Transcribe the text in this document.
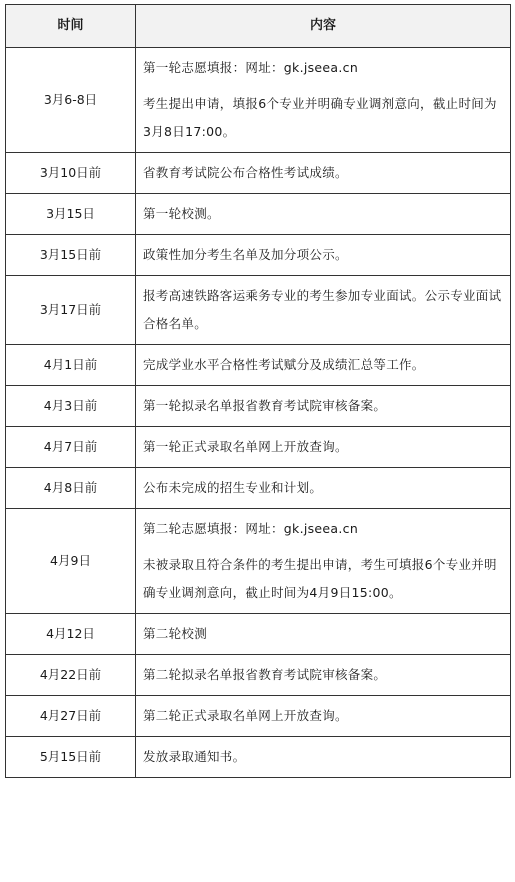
时间	内容
3月6-8日	第一轮志愿填报：网址：gk.jseea.cn

考生提出申请，填报6个专业并明确专业调剂意向，截止时间为3月8日17:00。

3月10日前	省教育考试院公布合格性考试成绩。

3月15日	第一轮校测。

3月15日前	政策性加分考生名单及加分项公示。

3月17日前	报考高速铁路客运乘务专业的考生参加专业面试。公示专业面试合格名单。

4月1日前	完成学业水平合格性考试赋分及成绩汇总等工作。

4月3日前	第一轮拟录名单报省教育考试院审核备案。

4月7日前	第一轮正式录取名单网上开放查询。

4月8日前	公布未完成的招生专业和计划。

4月9日	第二轮志愿填报：网址：gk.jseea.cn

未被录取且符合条件的考生提出申请，考生可填报6个专业并明确专业调剂意向，截止时间为4月9日15:00。

4月12日	第二轮校测

4月22日前	第二轮拟录名单报省教育考试院审核备案。

4月27日前	第二轮正式录取名单网上开放查询。

5月15日前	发放录取通知书。
